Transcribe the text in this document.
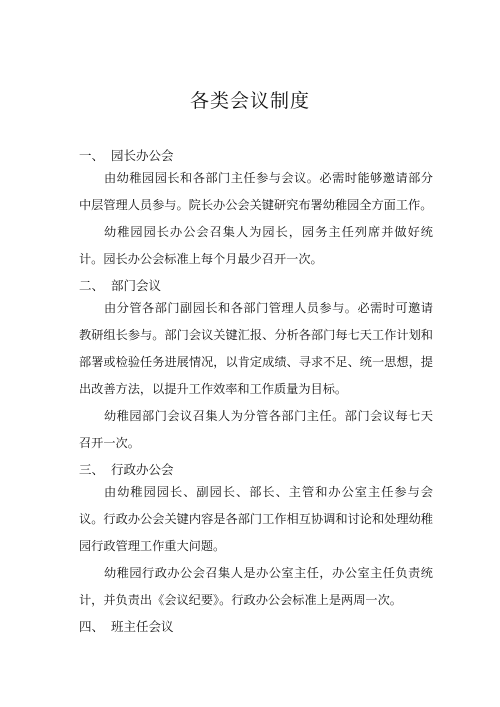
各类会议制度
一、 园长办公会
由幼稚园园长和各部门主任参与会议。必需时能够邀请部分中层管理人员参与。院长办公会关键研究布署幼稚园全方面工作。
幼稚园园长办公会召集人为园长，园务主任列席并做好统计。园长办公会标准上每个月最少召开一次。
二、 部门会议
由分管各部门副园长和各部门管理人员参与。必需时可邀请教研组长参与。部门会议关键汇报、分析各部门每七天工作计划和部署或检验任务进展情况，以肯定成绩、寻求不足、统一思想，提出改善方法，以提升工作效率和工作质量为目标。
幼稚园部门会议召集人为分管各部门主任。部门会议每七天召开一次。
三、 行政办公会
由幼稚园园长、副园长、部长、主管和办公室主任参与会议。行政办公会关键内容是各部门工作相互协调和讨论和处理幼稚园行政管理工作重大问题。
幼稚园行政办公会召集人是办公室主任，办公室主任负责统计，并负责出《会议纪要》。行政办公会标准上是两周一次。
四、 班主任会议
